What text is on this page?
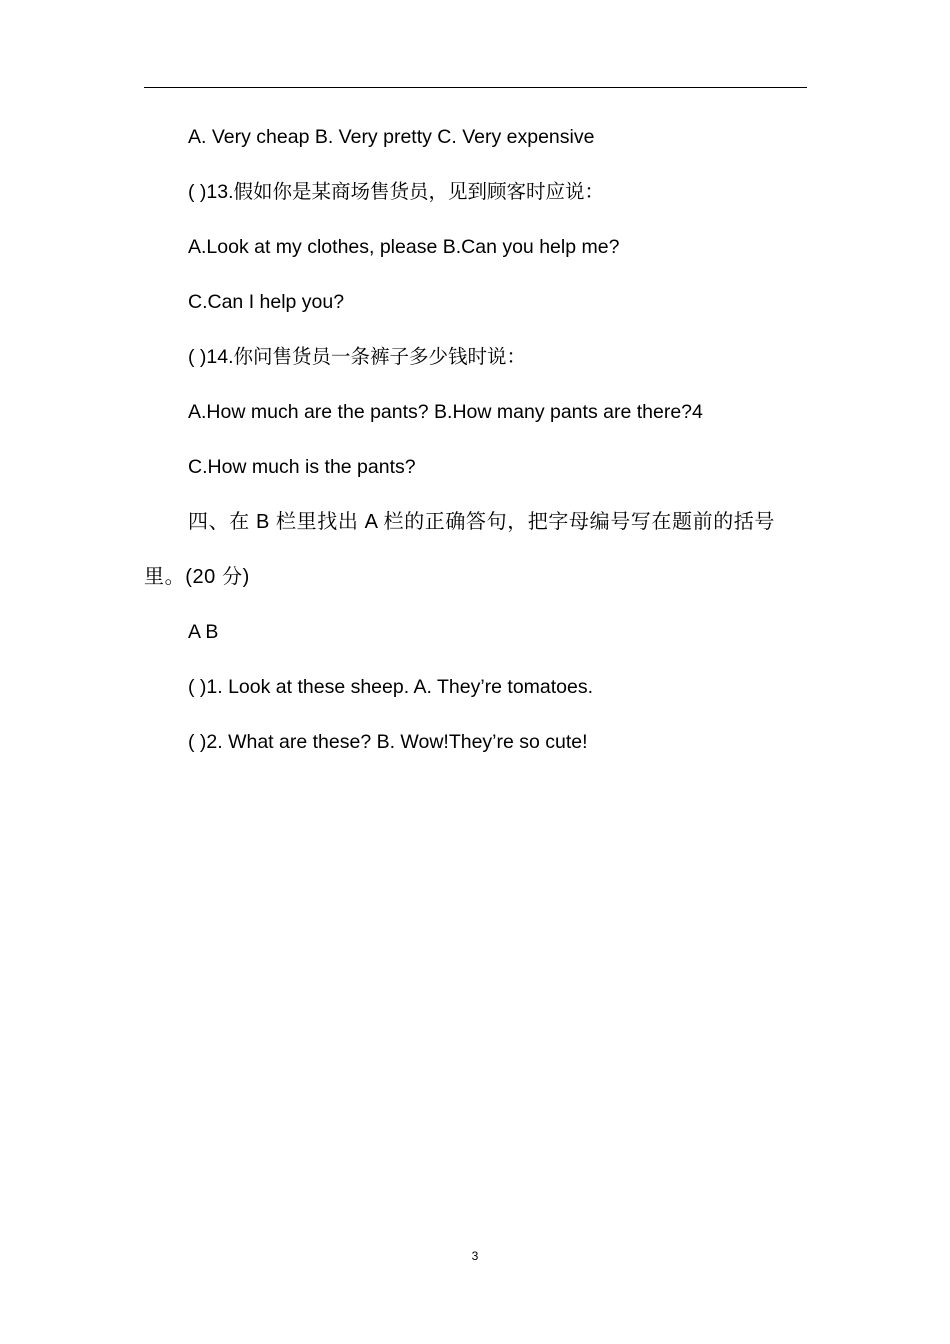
A. Very cheap B. Very pretty C. Very expensive
( )13.假如你是某商场售货员，见到顾客时应说：
A.Look at my clothes, please B.Can you help me?
C.Can I help you?
( )14.你问售货员一条裤子多少钱时说：
A.How much are the pants? B.How many pants are there?4
C.How much is the pants?
四、在 B 栏里找出 A 栏的正确答句，把字母编号写在题前的括号里。(20 分)
A B
( )1. Look at these sheep. A. They’re tomatoes.
( )2. What are these? B. Wow!They’re so cute!
3
